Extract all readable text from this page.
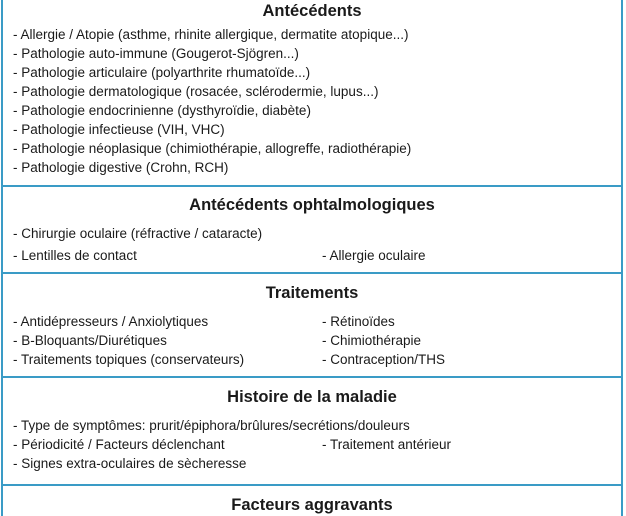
Antécédents
- Allergie / Atopie (asthme, rhinite allergique, dermatite atopique...)
- Pathologie auto-immune (Gougerot-Sjögren...)
- Pathologie articulaire (polyarthrite rhumatoïde...)
- Pathologie dermatologique (rosacée, sclérodermie, lupus...)
- Pathologie endocrinienne (dysthyroïdie, diabète)
- Pathologie infectieuse (VIH, VHC)
- Pathologie néoplasique (chimiothérapie, allogreffe, radiothérapie)
- Pathologie digestive (Crohn, RCH)
Antécédents ophtalmologiques
- Chirurgie oculaire (réfractive / cataracte)
- Lentilles de contact	- Allergie oculaire
Traitements
- Antidépresseurs / Anxiolytiques	- Rétinoïdes
- B-Bloquants/Diurétiques	- Chimiothérapie
- Traitements topiques (conservateurs)	- Contraception/THS
Histoire de la maladie
- Type de symptômes: prurit/épiphora/brûlures/secrétions/douleurs
- Périodicité / Facteurs déclenchant	- Traitement antérieur
- Signes extra-oculaires de sècheresse
Facteurs aggravants
